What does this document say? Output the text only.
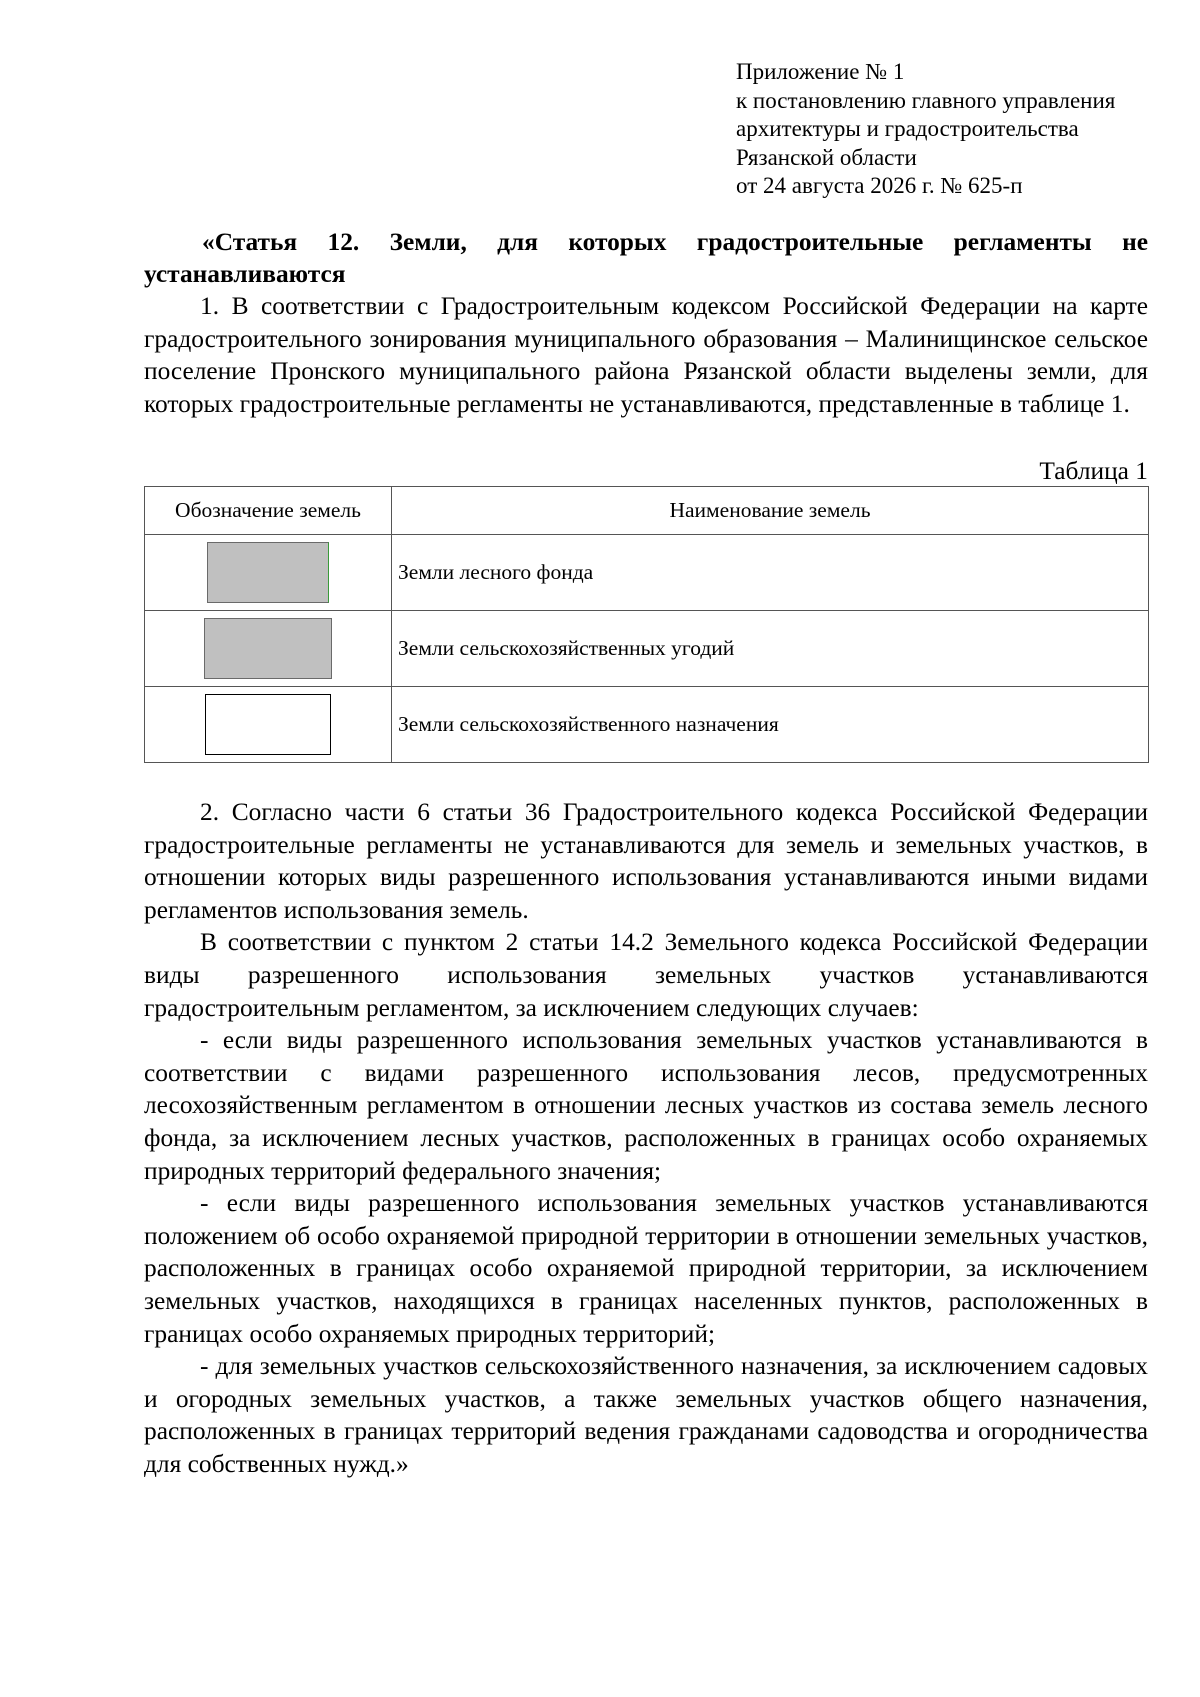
Приложение № 1
к постановлению главного управления
архитектуры и градостроительства
Рязанской области
от 24 августа 2026 г. № 625-п
«Статья 12. Земли, для которых градостроительные регламенты не устанавливаются

1. В соответствии с Градостроительным кодексом Российской Федерации на карте градостроительного зонирования муниципального образования – Малинищинское сельское поселение Пронского муниципального района Рязанской области выделены земли, для которых градостроительные регламенты не устанавливаются, представленные в таблице 1.

Таблица 1
Обозначение земель	Наименование земель
	Земли лесного фонда
	Земли сельскохозяйственных угодий
	Земли сельскохозяйственного назначения

2. Согласно части 6 статьи 36 Градостроительного кодекса Российской Федерации градостроительные регламенты не устанавливаются для земель и земельных участков, в отношении которых виды разрешенного использования устанавливаются иными видами регламентов использования земель.

В соответствии с пунктом 2 статьи 14.2 Земельного кодекса Российской Федерации виды разрешенного использования земельных участков устанавливаются градостроительным регламентом, за исключением следующих случаев:

- если виды разрешенного использования земельных участков устанавливаются в соответствии с видами разрешенного использования лесов, предусмотренных лесохозяйственным регламентом в отношении лесных участков из состава земель лесного фонда, за исключением лесных участков, расположенных в границах особо охраняемых природных территорий федерального значения;

- если виды разрешенного использования земельных участков устанавливаются положением об особо охраняемой природной территории в отношении земельных участков, расположенных в границах особо охраняемой природной территории, за исключением земельных участков, находящихся в границах населенных пунктов, расположенных в границах особо охраняемых природных территорий;

- для земельных участков сельскохозяйственного назначения, за исключением садовых и огородных земельных участков, а также земельных участков общего назначения, расположенных в границах территорий ведения гражданами садоводства и огородничества для собственных нужд.»
